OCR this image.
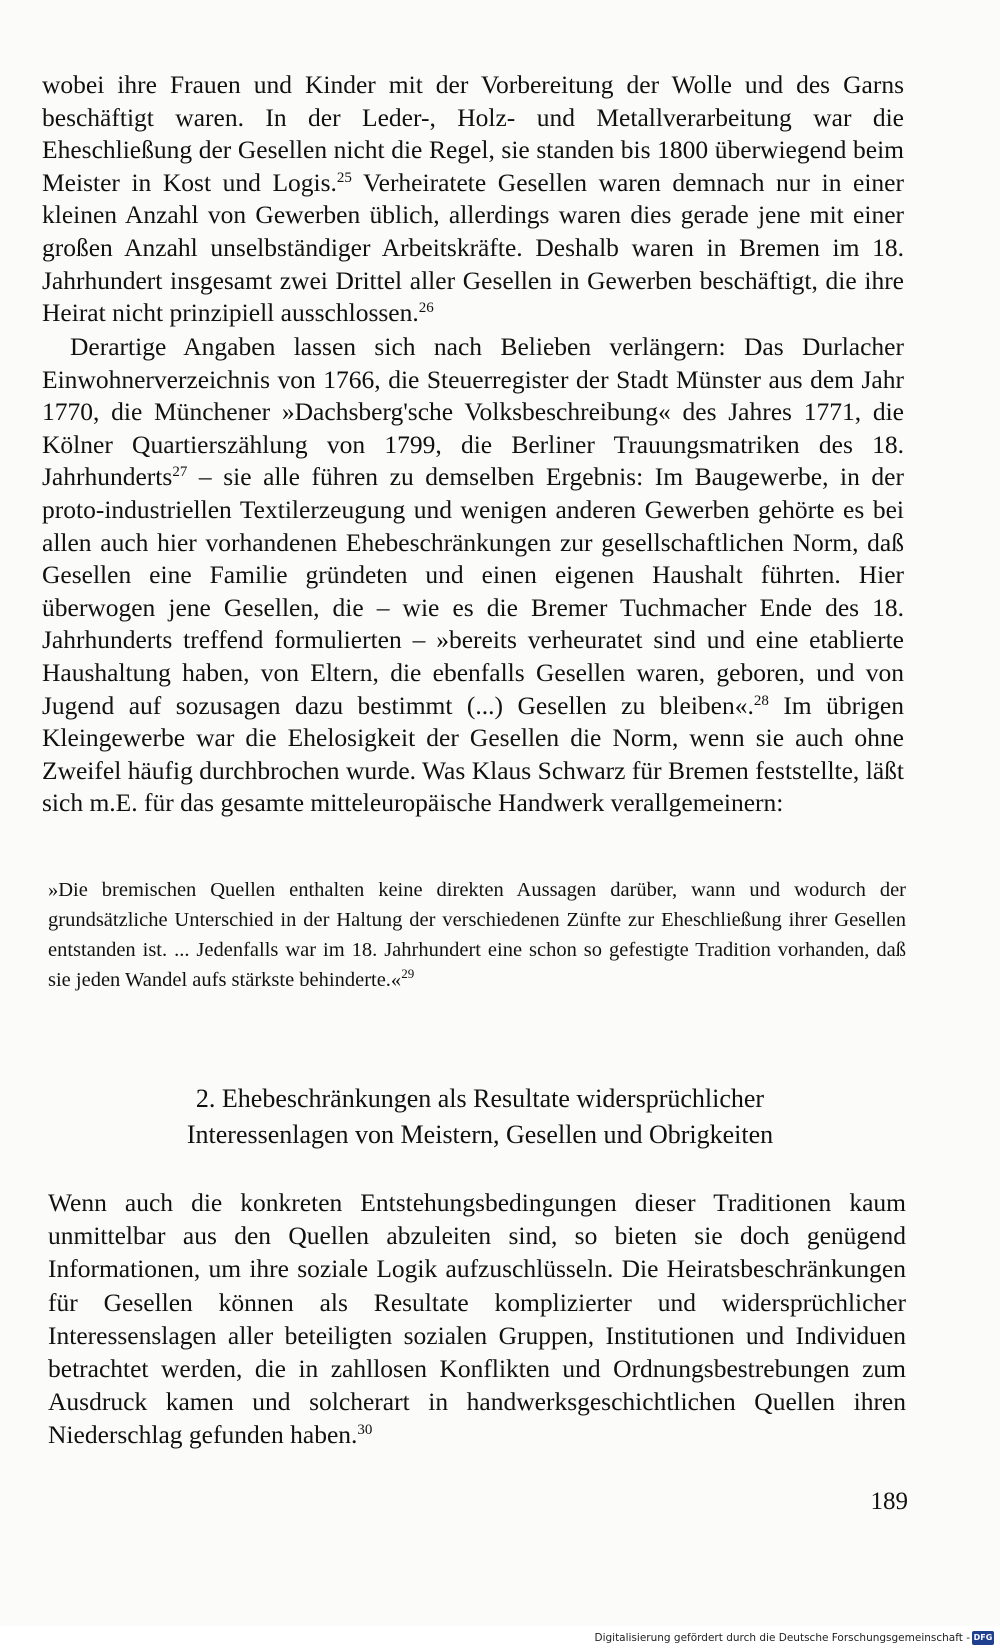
wobei ihre Frauen und Kinder mit der Vorbereitung der Wolle und des Garns beschäftigt waren. In der Leder-, Holz- und Metallverarbeitung war die Eheschließung der Gesellen nicht die Regel, sie standen bis 1800 überwiegend beim Meister in Kost und Logis.$^{25}$ Verheiratete Gesellen waren demnach nur in einer kleinen Anzahl von Gewerben üblich, allerdings waren dies gerade jene mit einer großen Anzahl unselbständiger Arbeitskräfte. Deshalb waren in Bremen im 18. Jahrhundert insgesamt zwei Drittel aller Gesellen in Gewerben beschäftigt, die ihre Heirat nicht prinzipiell ausschlossen.$^{26}$

Derartige Angaben lassen sich nach Belieben verlängern: Das Durlacher Einwohnerverzeichnis von 1766, die Steuerregister der Stadt Münster aus dem Jahr 1770, die Münchener »Dachsberg'sche Volksbeschreibung« des Jahres 1771, die Kölner Quartierszählung von 1799, die Berliner Trauungsmatriken des 18. Jahrhunderts$^{27}$ – sie alle führen zu demselben Ergebnis: Im Baugewerbe, in der proto-industriellen Textilerzeugung und wenigen anderen Gewerben gehörte es bei allen auch hier vorhandenen Ehebeschränkungen zur gesellschaftlichen Norm, daß Gesellen eine Familie gründeten und einen eigenen Haushalt führten. Hier überwogen jene Gesellen, die – wie es die Bremer Tuchmacher Ende des 18. Jahrhunderts treffend formulierten – »bereits verheuratet sind und eine etablierte Haushaltung haben, von Eltern, die ebenfalls Gesellen waren, geboren, und von Jugend auf sozusagen dazu bestimmt (...) Gesellen zu bleiben«.$^{28}$ Im übrigen Kleingewerbe war die Ehelosigkeit der Gesellen die Norm, wenn sie auch ohne Zweifel häufig durchbrochen wurde. Was Klaus Schwarz für Bremen feststellte, läßt sich m.E. für das gesamte mitteleuropäische Handwerk verallgemeinern:

»Die bremischen Quellen enthalten keine direkten Aussagen darüber, wann und wodurch der grundsätzliche Unterschied in der Haltung der verschiedenen Zünfte zur Eheschließung ihrer Gesellen entstanden ist. ... Jedenfalls war im 18. Jahrhundert eine schon so gefestigte Tradition vorhanden, daß sie jeden Wandel aufs stärkste behinderte.«$^{29}$

2. Ehebeschränkungen als Resultate widersprüchlicher
Interessenlagen von Meistern, Gesellen und Obrigkeiten

Wenn auch die konkreten Entstehungsbedingungen dieser Traditionen kaum unmittelbar aus den Quellen abzuleiten sind, so bieten sie doch genügend Informationen, um ihre soziale Logik aufzuschlüsseln. Die Heiratsbeschränkungen für Gesellen können als Resultate komplizierter und widersprüchlicher Interessenslagen aller beteiligten sozialen Gruppen, Institutionen und Individuen betrachtet werden, die in zahllosen Konflikten und Ordnungsbestrebungen zum Ausdruck kamen und solcherart in handwerksgeschichtlichen Quellen ihren Niederschlag gefunden haben.$^{30}$

189
Digitalisierung gefördert durch die Deutsche Forschungsgemeinschaft - DFG
